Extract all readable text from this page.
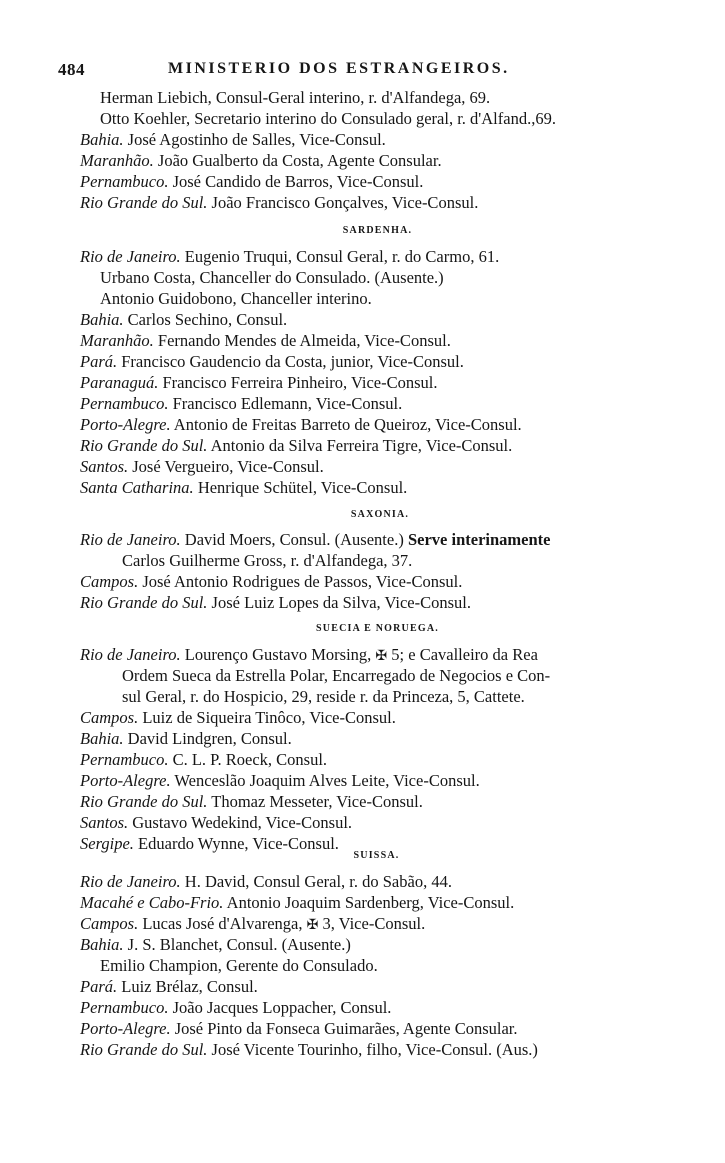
484	MINISTERIO DOS ESTRANGEIROS.
Herman Liebich, Consul-Geral interino, r. d'Alfandega, 69.
Otto Koehler, Secretario interino do Consulado geral, r. d'Alfand.,69.
Bahia. José Agostinho de Salles, Vice-Consul.
Maranhão. João Gualberto da Costa, Agente Consular.
Pernambuco. José Candido de Barros, Vice-Consul.
Rio Grande do Sul. João Francisco Gonçalves, Vice-Consul.
SARDENHA.
Rio de Janeiro. Eugenio Truqui, Consul Geral, r. do Carmo, 61.
Urbano Costa, Chanceller do Consulado. (Ausente.)
Antonio Guidobono, Chanceller interino.
Bahia. Carlos Sechino, Consul.
Maranhão. Fernando Mendes de Almeida, Vice-Consul.
Pará. Francisco Gaudencio da Costa, junior, Vice-Consul.
Paranaguá. Francisco Ferreira Pinheiro, Vice-Consul.
Pernambuco. Francisco Edlemann, Vice-Consul.
Porto-Alegre. Antonio de Freitas Barreto de Queiroz, Vice-Consul.
Rio Grande do Sul. Antonio da Silva Ferreira Tigre, Vice-Consul.
Santos. José Vergueiro, Vice-Consul.
Santa Catharina. Henrique Schütel, Vice-Consul.
SAXONIA.
Rio de Janeiro. David Moers, Consul. (Ausente.) Serve interinamente
Carlos Guilherme Gross, r. d'Alfandega, 37.
Campos. José Antonio Rodrigues de Passos, Vice-Consul.
Rio Grande do Sul. José Luiz Lopes da Silva, Vice-Consul.
SUECIA E NORUEGA.
Rio de Janeiro. Lourenço Gustavo Morsing, ✠ 5; e Cavalleiro da Rea
Ordem Sueca da Estrella Polar, Encarregado de Negocios e Con-
sul Geral, r. do Hospicio, 29, reside r. da Princeza, 5, Cattete.
Campos. Luiz de Siqueira Tinôco, Vice-Consul.
Bahia. David Lindgren, Consul.
Pernambuco. C. L. P. Roeck, Consul.
Porto-Alegre. Wenceslão Joaquim Alves Leite, Vice-Consul.
Rio Grande do Sul. Thomaz Messeter, Vice-Consul.
Santos. Gustavo Wedekind, Vice-Consul.
Sergipe. Eduardo Wynne, Vice-Consul.
SUISSA.
Rio de Janeiro. H. David, Consul Geral, r. do Sabão, 44.
Macahé e Cabo-Frio. Antonio Joaquim Sardenberg, Vice-Consul.
Campos. Lucas José d'Alvarenga, ✠ 3, Vice-Consul.
Bahia. J. S. Blanchet, Consul. (Ausente.)
Emilio Champion, Gerente do Consulado.
Pará. Luiz Brélaz, Consul.
Pernambuco. João Jacques Loppacher, Consul.
Porto-Alegre. José Pinto da Fonseca Guimarães, Agente Consular.
Rio Grande do Sul. José Vicente Tourinho, filho, Vice-Consul. (Aus.)
